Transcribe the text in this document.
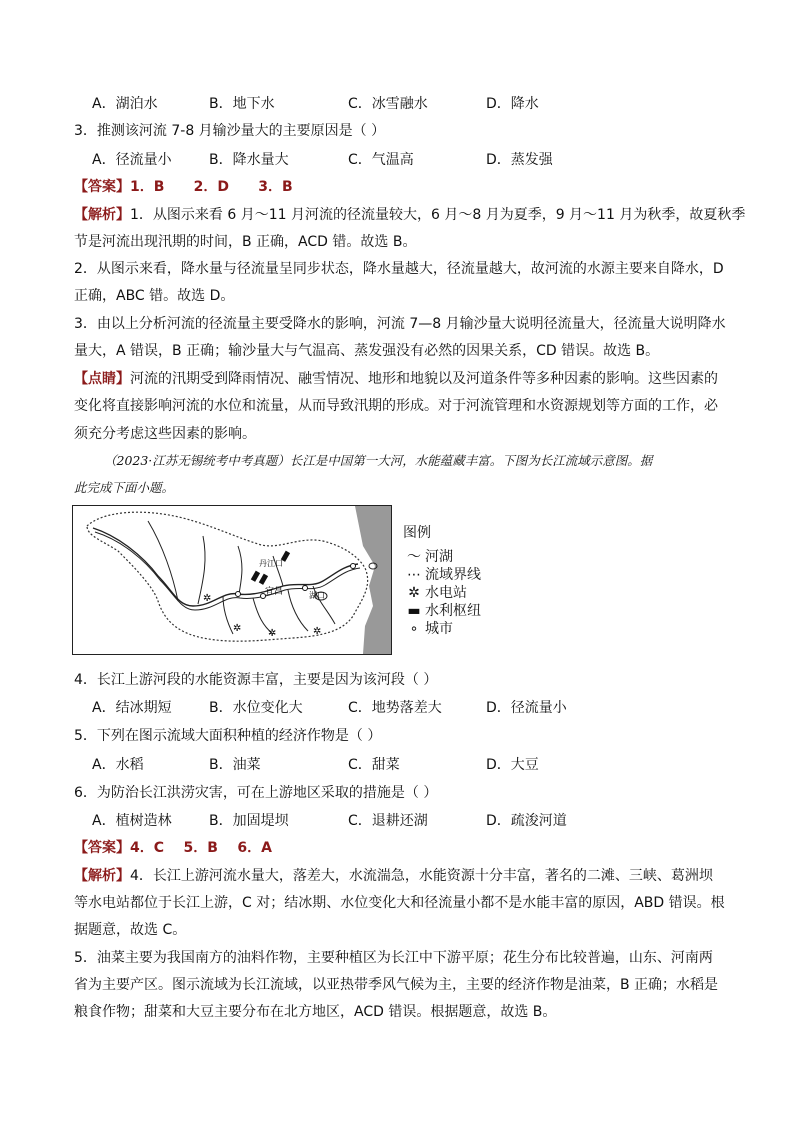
A．湖泊水	B．地下水	C．冰雪融水	D．降水
3．推测该河流 7-8 月输沙量大的主要原因是（ ）
A．径流量小	B．降水量大	C．气温高	D．蒸发强
【答案】1．B      2．D      3．B
【解析】1．从图示来看 6 月～11 月河流的径流量较大，6 月～8 月为夏季，9 月～11 月为秋季，故夏秋季
节是河流出现汛期的时间，B 正确，ACD 错。故选 B。
2．从图示来看，降水量与径流量呈同步状态，降水量越大，径流量越大，故河流的水源主要来自降水，D
正确，ABC 错。故选 D。
3．由以上分析河流的径流量主要受降水的影响，河流 7—8 月输沙量大说明径流量大，径流量大说明降水
量大，A 错误，B 正确；输沙量大与气温高、蒸发强没有必然的因果关系，CD 错误。故选 B。
【点睛】河流的汛期受到降雨情况、融雪情况、地形和地貌以及河道条件等多种因素的影响。这些因素的
变化将直接影响河流的水位和流量，从而导致汛期的形成。对于河流管理和水资源规划等方面的工作，必
须充分考虑这些因素的影响。
（2023·江苏无锡统考中考真题）长江是中国第一大河，水能蕴藏丰富。下图为长江流域示意图。据
此完成下面小题。
✲
✲	✲	✲
丹江口
宜昌	湖口
图例
〜 河湖
⋯ 流域界线
✲ 水电站
▬ 水利枢纽
∘ 城市
4．长江上游河段的水能资源丰富，主要是因为该河段（ ）
A．结冰期短	B．水位变化大	C．地势落差大	D．径流量小
5．下列在图示流域大面积种植的经济作物是（ ）
A．水稻	B．油菜	C．甜菜	D．大豆
6．为防治长江洪涝灾害，可在上游地区采取的措施是（ ）
A．植树造林	B．加固堤坝	C．退耕还湖	D．疏浚河道
【答案】4．C    5．B    6．A
【解析】4．长江上游河流水量大，落差大，水流湍急，水能资源十分丰富，著名的二滩、三峡、葛洲坝
等水电站都位于长江上游，C 对；结冰期、水位变化大和径流量小都不是水能丰富的原因，ABD 错误。根
据题意，故选 C。
5．油菜主要为我国南方的油料作物，主要种植区为长江中下游平原；花生分布比较普遍，山东、河南两
省为主要产区。图示流域为长江流域，以亚热带季风气候为主，主要的经济作物是油菜，B 正确；水稻是
粮食作物；甜菜和大豆主要分布在北方地区，ACD 错误。根据题意，故选 B。
